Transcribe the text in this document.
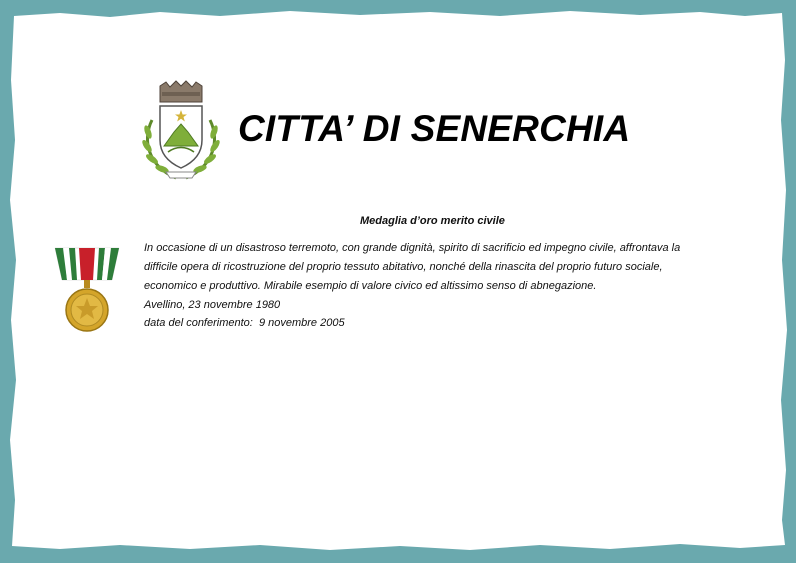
CITTA’ DI SENERCHIA
Medaglia d’oro merito civile
In occasione di un disastroso terremoto, con grande dignità, spirito di sacrificio ed impegno civile, affrontava la
difficile opera di ricostruzione del proprio tessuto abitativo, nonché della rinascita del proprio futuro sociale,
economico e produttivo. Mirabile esempio di valore civico ed altissimo senso di abnegazione.
Avellino, 23 novembre 1980
data del conferimento:  9 novembre 2005
